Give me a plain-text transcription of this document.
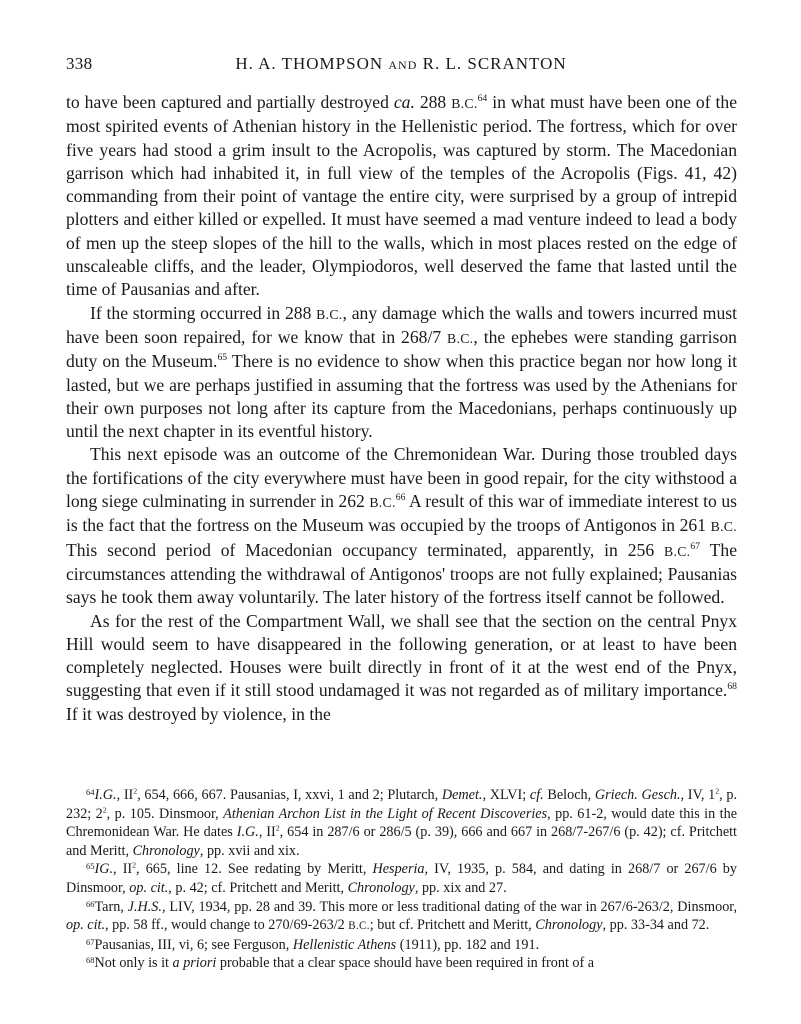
338	H. A. THOMPSON AND R. L. SCRANTON

to have been captured and partially destroyed ca. 288 B.C.$^{64}$ in what must have been one of the most spirited events of Athenian history in the Hellenistic period. The fortress, which for over five years had stood a grim insult to the Acropolis, was captured by storm. The Macedonian garrison which had inhabited it, in full view of the temples of the Acropolis (Figs. 41, 42) commanding from their point of vantage the entire city, were surprised by a group of intrepid plotters and either killed or expelled. It must have seemed a mad venture indeed to lead a body of men up the steep slopes of the hill to the walls, which in most places rested on the edge of unscaleable cliffs, and the leader, Olympiodoros, well deserved the fame that lasted until the time of Pausanias and after.

If the storming occurred in 288 B.C., any damage which the walls and towers incurred must have been soon repaired, for we know that in 268/7 B.C., the ephebes were standing garrison duty on the Museum.$^{65}$ There is no evidence to show when this practice began nor how long it lasted, but we are perhaps justified in assuming that the fortress was used by the Athenians for their own purposes not long after its capture from the Macedonians, perhaps continuously up until the next chapter in its eventful history.

This next episode was an outcome of the Chremonidean War. During those troubled days the fortifications of the city everywhere must have been in good repair, for the city withstood a long siege culminating in surrender in 262 B.C.$^{66}$ A result of this war of immediate interest to us is the fact that the fortress on the Museum was occupied by the troops of Antigonos in 261 B.C. This second period of Macedonian occupancy terminated, apparently, in 256 B.C.$^{67}$ The circumstances attending the withdrawal of Antigonos' troops are not fully explained; Pausanias says he took them away voluntarily. The later history of the fortress itself cannot be followed.

As for the rest of the Compartment Wall, we shall see that the section on the central Pnyx Hill would seem to have disappeared in the following generation, or at least to have been completely neglected. Houses were built directly in front of it at the west end of the Pnyx, suggesting that even if it still stood undamaged it was not regarded as of military importance.$^{68}$ If it was destroyed by violence, in the

$^{64}$I.G., $II^2$, 654, 666, 667. Pausanias, I, xxvi, 1 and 2; Plutarch, Demet., XLVI; cf. Beloch, Griech. Gesch., IV, $1^2$, p. 232; $2^2$, p. 105. Dinsmoor, Athenian Archon List in the Light of Recent Discoveries, pp. 61-2, would date this in the Chremonidean War. He dates I.G., $II^2$, 654 in 287/6 or 286/5 (p. 39), 666 and 667 in 268/7-267/6 (p. 42); cf. Pritchett and Meritt, Chronology, pp. xvii and xix.

$^{65}$IG., $II^2$, 665, line 12. See redating by Meritt, Hesperia, IV, 1935, p. 584, and dating in 268/7 or 267/6 by Dinsmoor, op. cit., p. 42; cf. Pritchett and Meritt, Chronology, pp. xix and 27.

$^{66}$Tarn, J.H.S., LIV, 1934, pp. 28 and 39. This more or less traditional dating of the war in 267/6-263/2, Dinsmoor, op. cit., pp. 58 ff., would change to 270/69-263/2 B.C.; but cf. Pritchett and Meritt, Chronology, pp. 33-34 and 72.

$^{67}$Pausanias, III, vi, 6; see Ferguson, Hellenistic Athens (1911), pp. 182 and 191.

$^{68}$Not only is it a priori probable that a clear space should have been required in front of a
